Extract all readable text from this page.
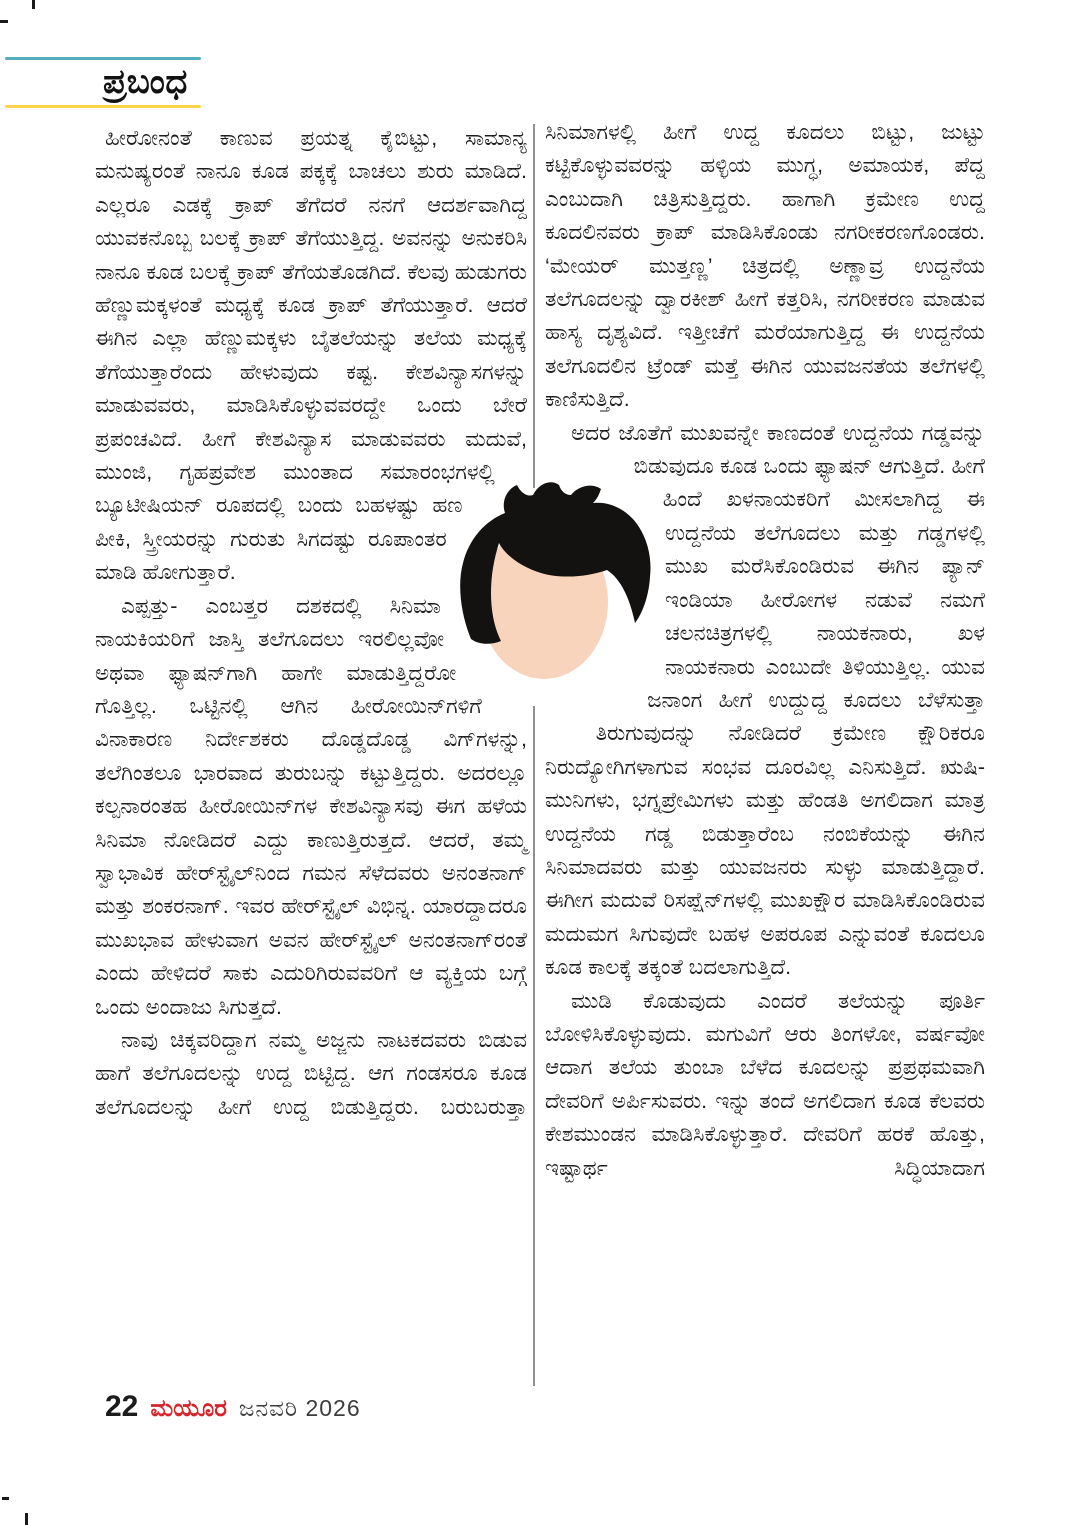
ಪ್ರಬಂಧ

ಹೀರೋನಂತೆ ಕಾಣುವ ಪ್ರಯತ್ನ ಕೈಬಿಟ್ಟು, ಸಾಮಾನ್ಯ ಮನುಷ್ಯರಂತೆ ನಾನೂ ಕೂಡ ಪಕ್ಕಕ್ಕೆ ಬಾಚಲು ಶುರು ಮಾಡಿದೆ. ಎಲ್ಲರೂ ಎಡಕ್ಕೆ ಕ್ರಾಪ್ ತೆಗೆದರೆ ನನಗೆ ಆದರ್ಶವಾಗಿದ್ದ ಯುವಕನೊಬ್ಬ ಬಲಕ್ಕೆ ಕ್ರಾಪ್ ತೆಗೆಯುತ್ತಿದ್ದ. ಅವನನ್ನು ಅನುಕರಿಸಿ ನಾನೂ ಕೂಡ ಬಲಕ್ಕೆ ಕ್ರಾಪ್ ತೆಗೆಯತೊಡಗಿದೆ. ಕೆಲವು ಹುಡುಗರು ಹೆಣ್ಣುಮಕ್ಕಳಂತೆ ಮಧ್ಯಕ್ಕೆ ಕೂಡ ಕ್ರಾಪ್ ತೆಗೆಯುತ್ತಾರೆ. ಆದರೆ ಈಗಿನ ಎಲ್ಲಾ ಹೆಣ್ಣುಮಕ್ಕಳು ಬೈತಲೆಯನ್ನು ತಲೆಯ ಮಧ್ಯಕ್ಕೆ ತೆಗೆಯುತ್ತಾರೆಂದು ಹೇಳುವುದು ಕಷ್ಟ. ಕೇಶವಿನ್ಯಾಸಗಳನ್ನು ಮಾಡುವವರು, ಮಾಡಿಸಿಕೊಳ್ಳುವವರದ್ದೇ ಒಂದು ಬೇರೆ ಪ್ರಪಂಚವಿದೆ. ಹೀಗೆ ಕೇಶವಿನ್ಯಾಸ ಮಾಡುವವರು ಮದುವೆ, ಮುಂಜಿ, ಗೃಹಪ್ರವೇಶ ಮುಂತಾದ ಸಮಾರಂಭಗಳಲ್ಲಿ ಬ್ಯೂಟೀಷಿಯನ್ ರೂಪದಲ್ಲಿ ಬಂದು ಬಹಳಷ್ಟು ಹಣ ಪೀಕಿ, ಸ್ತ್ರೀಯರನ್ನು ಗುರುತು ಸಿಗದಷ್ಟು ರೂಪಾಂತರ ಮಾಡಿ ಹೋಗುತ್ತಾರೆ.

ಎಪ್ಪತ್ತು- ಎಂಬತ್ತರ ದಶಕದಲ್ಲಿ ಸಿನಿಮಾ ನಾಯಕಿಯರಿಗೆ ಜಾಸ್ತಿ ತಲೆಗೂದಲು ಇರಲಿಲ್ಲವೋ ಅಥವಾ ಫ್ಯಾಷನ್‌ಗಾಗಿ ಹಾಗೇ ಮಾಡುತ್ತಿದ್ದರೋ ಗೊತ್ತಿಲ್ಲ. ಒಟ್ಟಿನಲ್ಲಿ ಆಗಿನ ಹೀರೋಯಿನ್‌ಗಳಿಗೆ ವಿನಾಕಾರಣ ನಿರ್ದೇಶಕರು ದೊಡ್ಡದೊಡ್ಡ ವಿಗ್‌ಗಳನ್ನು, ತಲೆಗಿಂತಲೂ ಭಾರವಾದ ತುರುಬನ್ನು ಕಟ್ಟುತ್ತಿದ್ದರು. ಅದರಲ್ಲೂ ಕಲ್ಪನಾರಂತಹ ಹೀರೋಯಿನ್‌ಗಳ ಕೇಶವಿನ್ಯಾಸವು ಈಗ ಹಳೆಯ ಸಿನಿಮಾ ನೋಡಿದರೆ ಎದ್ದು ಕಾಣುತ್ತಿರುತ್ತದೆ. ಆದರೆ, ತಮ್ಮ ಸ್ವಾಭಾವಿಕ ಹೇರ್‌ಸ್ಟೈಲ್‌ನಿಂದ ಗಮನ ಸೆಳೆದವರು ಅನಂತನಾಗ್ ಮತ್ತು ಶಂಕರನಾಗ್. ಇವರ ಹೇರ್‌ಸ್ಟೈಲ್ ವಿಭಿನ್ನ. ಯಾರದ್ದಾದರೂ ಮುಖಭಾವ ಹೇಳುವಾಗ ಅವನ ಹೇರ್‌ಸ್ಟೈಲ್ ಅನಂತನಾಗ್‌ರಂತೆ ಎಂದು ಹೇಳಿದರೆ ಸಾಕು ಎದುರಿಗಿರುವವರಿಗೆ ಆ ವ್ಯಕ್ತಿಯ ಬಗ್ಗೆ ಒಂದು ಅಂದಾಜು ಸಿಗುತ್ತದೆ.

ನಾವು ಚಿಕ್ಕವರಿದ್ದಾಗ ನಮ್ಮ ಅಜ್ಜನು ನಾಟಕದವರು ಬಿಡುವ ಹಾಗೆ ತಲೆಗೂದಲನ್ನು ಉದ್ದ ಬಿಟ್ಟಿದ್ದ. ಆಗ ಗಂಡಸರೂ ಕೂಡ ತಲೆಗೂದಲನ್ನು ಹೀಗೆ ಉದ್ದ ಬಿಡುತ್ತಿದ್ದರು. ಬರುಬರುತ್ತಾ

ಸಿನಿಮಾಗಳಲ್ಲಿ ಹೀಗೆ ಉದ್ದ ಕೂದಲು ಬಿಟ್ಟು, ಜುಟ್ಟು ಕಟ್ಟಿಕೊಳ್ಳುವವರನ್ನು ಹಳ್ಳಿಯ ಮುಗ್ಧ, ಅಮಾಯಕ, ಪೆದ್ದ ಎಂಬುದಾಗಿ ಚಿತ್ರಿಸುತ್ತಿದ್ದರು. ಹಾಗಾಗಿ ಕ್ರಮೇಣ ಉದ್ದ ಕೂದಲಿನವರು ಕ್ರಾಪ್ ಮಾಡಿಸಿಕೊಂಡು ನಗರೀಕರಣಗೊಂಡರು. ‘ಮೇಯರ್ ಮುತ್ತಣ್ಣ’ ಚಿತ್ರದಲ್ಲಿ ಅಣ್ಣಾವ್ರ ಉದ್ದನೆಯ ತಲೆಗೂದಲನ್ನು ದ್ವಾರಕೀಶ್ ಹೀಗೆ ಕತ್ತರಿಸಿ, ನಗರೀಕರಣ ಮಾಡುವ ಹಾಸ್ಯ ದೃಶ್ಯವಿದೆ. ಇತ್ತೀಚೆಗೆ ಮರೆಯಾಗುತ್ತಿದ್ದ ಈ ಉದ್ದನೆಯ ತಲೆಗೂದಲಿನ ಟ್ರೆಂಡ್ ಮತ್ತೆ ಈಗಿನ ಯುವಜನತೆಯ ತಲೆಗಳಲ್ಲಿ ಕಾಣಿಸುತ್ತಿದೆ.

ಅದರ ಜೊತೆಗೆ ಮುಖವನ್ನೇ ಕಾಣದಂತೆ ಉದ್ದನೆಯ ಗಡ್ಡವನ್ನು ಬಿಡುವುದೂ ಕೂಡ ಒಂದು ಫ್ಯಾಷನ್ ಆಗುತ್ತಿದೆ. ಹೀಗೆ ಹಿಂದೆ ಖಳನಾಯಕರಿಗೆ ಮೀಸಲಾಗಿದ್ದ ಈ ಉದ್ದನೆಯ ತಲೆಗೂದಲು ಮತ್ತು ಗಡ್ಡಗಳಲ್ಲಿ ಮುಖ ಮರೆಸಿಕೊಂಡಿರುವ ಈಗಿನ ಪ್ಯಾನ್ ಇಂಡಿಯಾ ಹೀರೋಗಳ ನಡುವೆ ನಮಗೆ ಚಲನಚಿತ್ರಗಳಲ್ಲಿ ನಾಯಕನಾರು, ಖಳ ನಾಯಕನಾರು ಎಂಬುದೇ ತಿಳಿಯುತ್ತಿಲ್ಲ. ಯುವ ಜನಾಂಗ ಹೀಗೆ ಉದ್ದುದ್ದ ಕೂದಲು ಬೆಳೆಸುತ್ತಾ ತಿರುಗುವುದನ್ನು ನೋಡಿದರೆ ಕ್ರಮೇಣ ಕ್ಷೌರಿಕರೂ ನಿರುದ್ಯೋಗಿಗಳಾಗುವ ಸಂಭವ ದೂರವಿಲ್ಲ ಎನಿಸುತ್ತಿದೆ. ಋಷಿ-ಮುನಿಗಳು, ಭಗ್ನಪ್ರೇಮಿಗಳು ಮತ್ತು ಹೆಂಡತಿ ಅಗಲಿದಾಗ ಮಾತ್ರ ಉದ್ದನೆಯ ಗಡ್ಡ ಬಿಡುತ್ತಾರೆಂಬ ನಂಬಿಕೆಯನ್ನು ಈಗಿನ ಸಿನಿಮಾದವರು ಮತ್ತು ಯುವಜನರು ಸುಳ್ಳು ಮಾಡುತ್ತಿದ್ದಾರೆ. ಈಗೀಗ ಮದುವೆ ರಿಸಪ್ಷೆನ್‌ಗಳಲ್ಲಿ ಮುಖಕ್ಷೌರ ಮಾಡಿಸಿಕೊಂಡಿರುವ ಮದುಮಗ ಸಿಗುವುದೇ ಬಹಳ ಅಪರೂಪ ಎನ್ನುವಂತೆ ಕೂದಲೂ ಕೂಡ ಕಾಲಕ್ಕೆ ತಕ್ಕಂತೆ ಬದಲಾಗುತ್ತಿದೆ.

ಮುಡಿ ಕೊಡುವುದು ಎಂದರೆ ತಲೆಯನ್ನು ಪೂರ್ತಿ ಬೋಳಿಸಿಕೊಳ್ಳುವುದು. ಮಗುವಿಗೆ ಆರು ತಿಂಗಳೋ, ವರ್ಷವೋ ಆದಾಗ ತಲೆಯ ತುಂಬಾ ಬೆಳೆದ ಕೂದಲನ್ನು ಪ್ರಪ್ರಥಮವಾಗಿ ದೇವರಿಗೆ ಅರ್ಪಿಸುವರು. ಇನ್ನು ತಂದೆ ಅಗಲಿದಾಗ ಕೂಡ ಕೆಲವರು ಕೇಶಮುಂಡನ ಮಾಡಿಸಿಕೊಳ್ಳುತ್ತಾರೆ. ದೇವರಿಗೆ ಹರಕೆ ಹೊತ್ತು, ಇಷ್ಟಾರ್ಥ ಸಿದ್ಧಿಯಾದಾಗ

22 ಮಯೂರ ಜನವರಿ 2026
